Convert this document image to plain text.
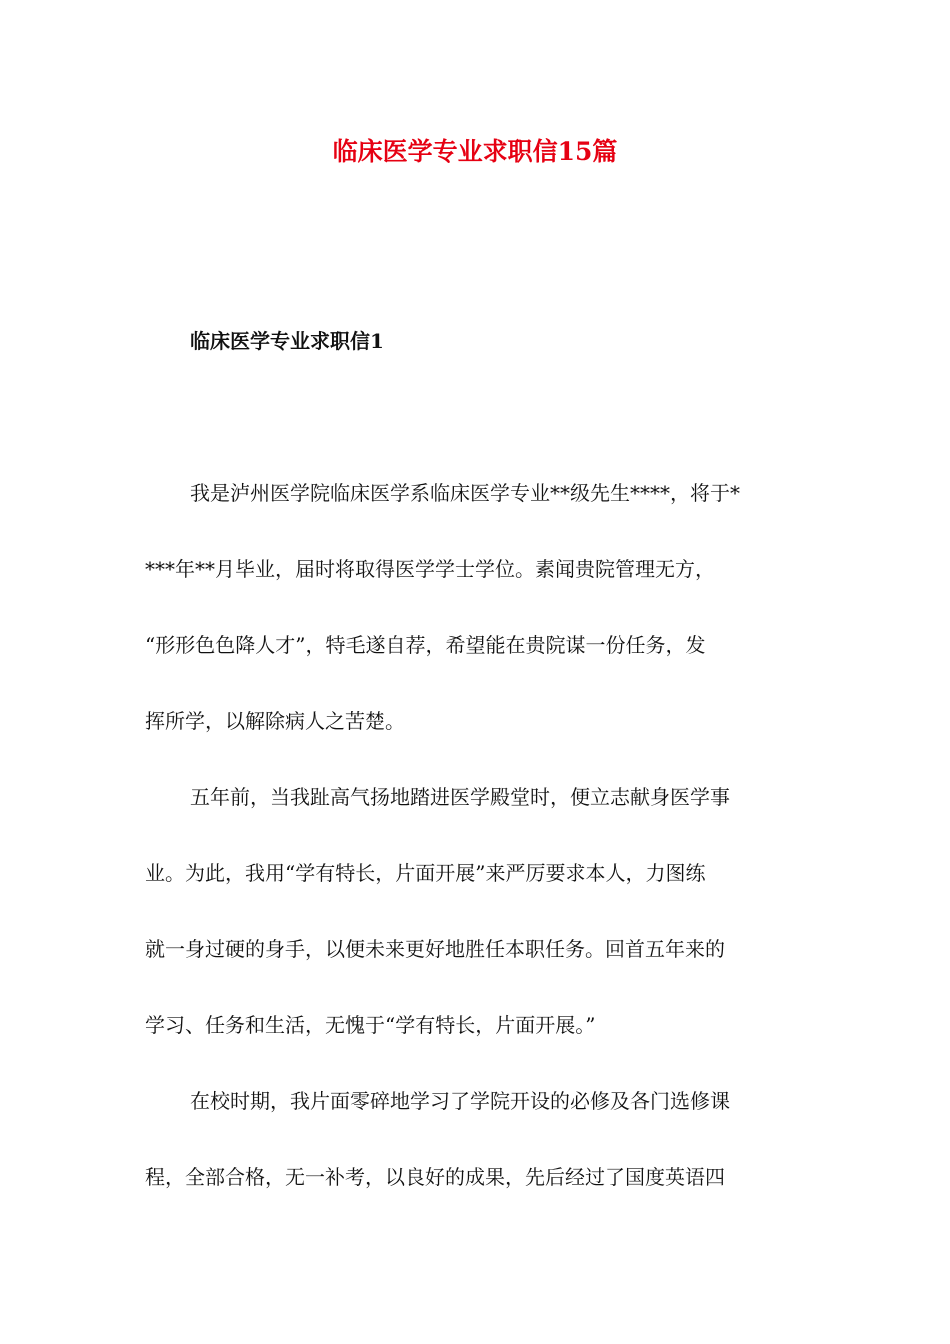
临床医学专业求职信15篇
临床医学专业求职信1

我是泸州医学院临床医学系临床医学专业**级先生****，将于*
***年**月毕业，届时将取得医学学士学位。素闻贵院管理无方，
“形形色色降人才”，特毛遂自荐，希望能在贵院谋一份任务，发
挥所学，以解除病人之苦楚。

五年前，当我趾高气扬地踏进医学殿堂时，便立志献身医学事
业。为此，我用“学有特长，片面开展”来严厉要求本人，力图练
就一身过硬的身手，以便未来更好地胜任本职任务。回首五年来的
学习、任务和生活，无愧于“学有特长，片面开展。”

在校时期，我片面零碎地学习了学院开设的必修及各门选修课
程，全部合格，无一补考，以良好的成果，先后经过了国度英语四
